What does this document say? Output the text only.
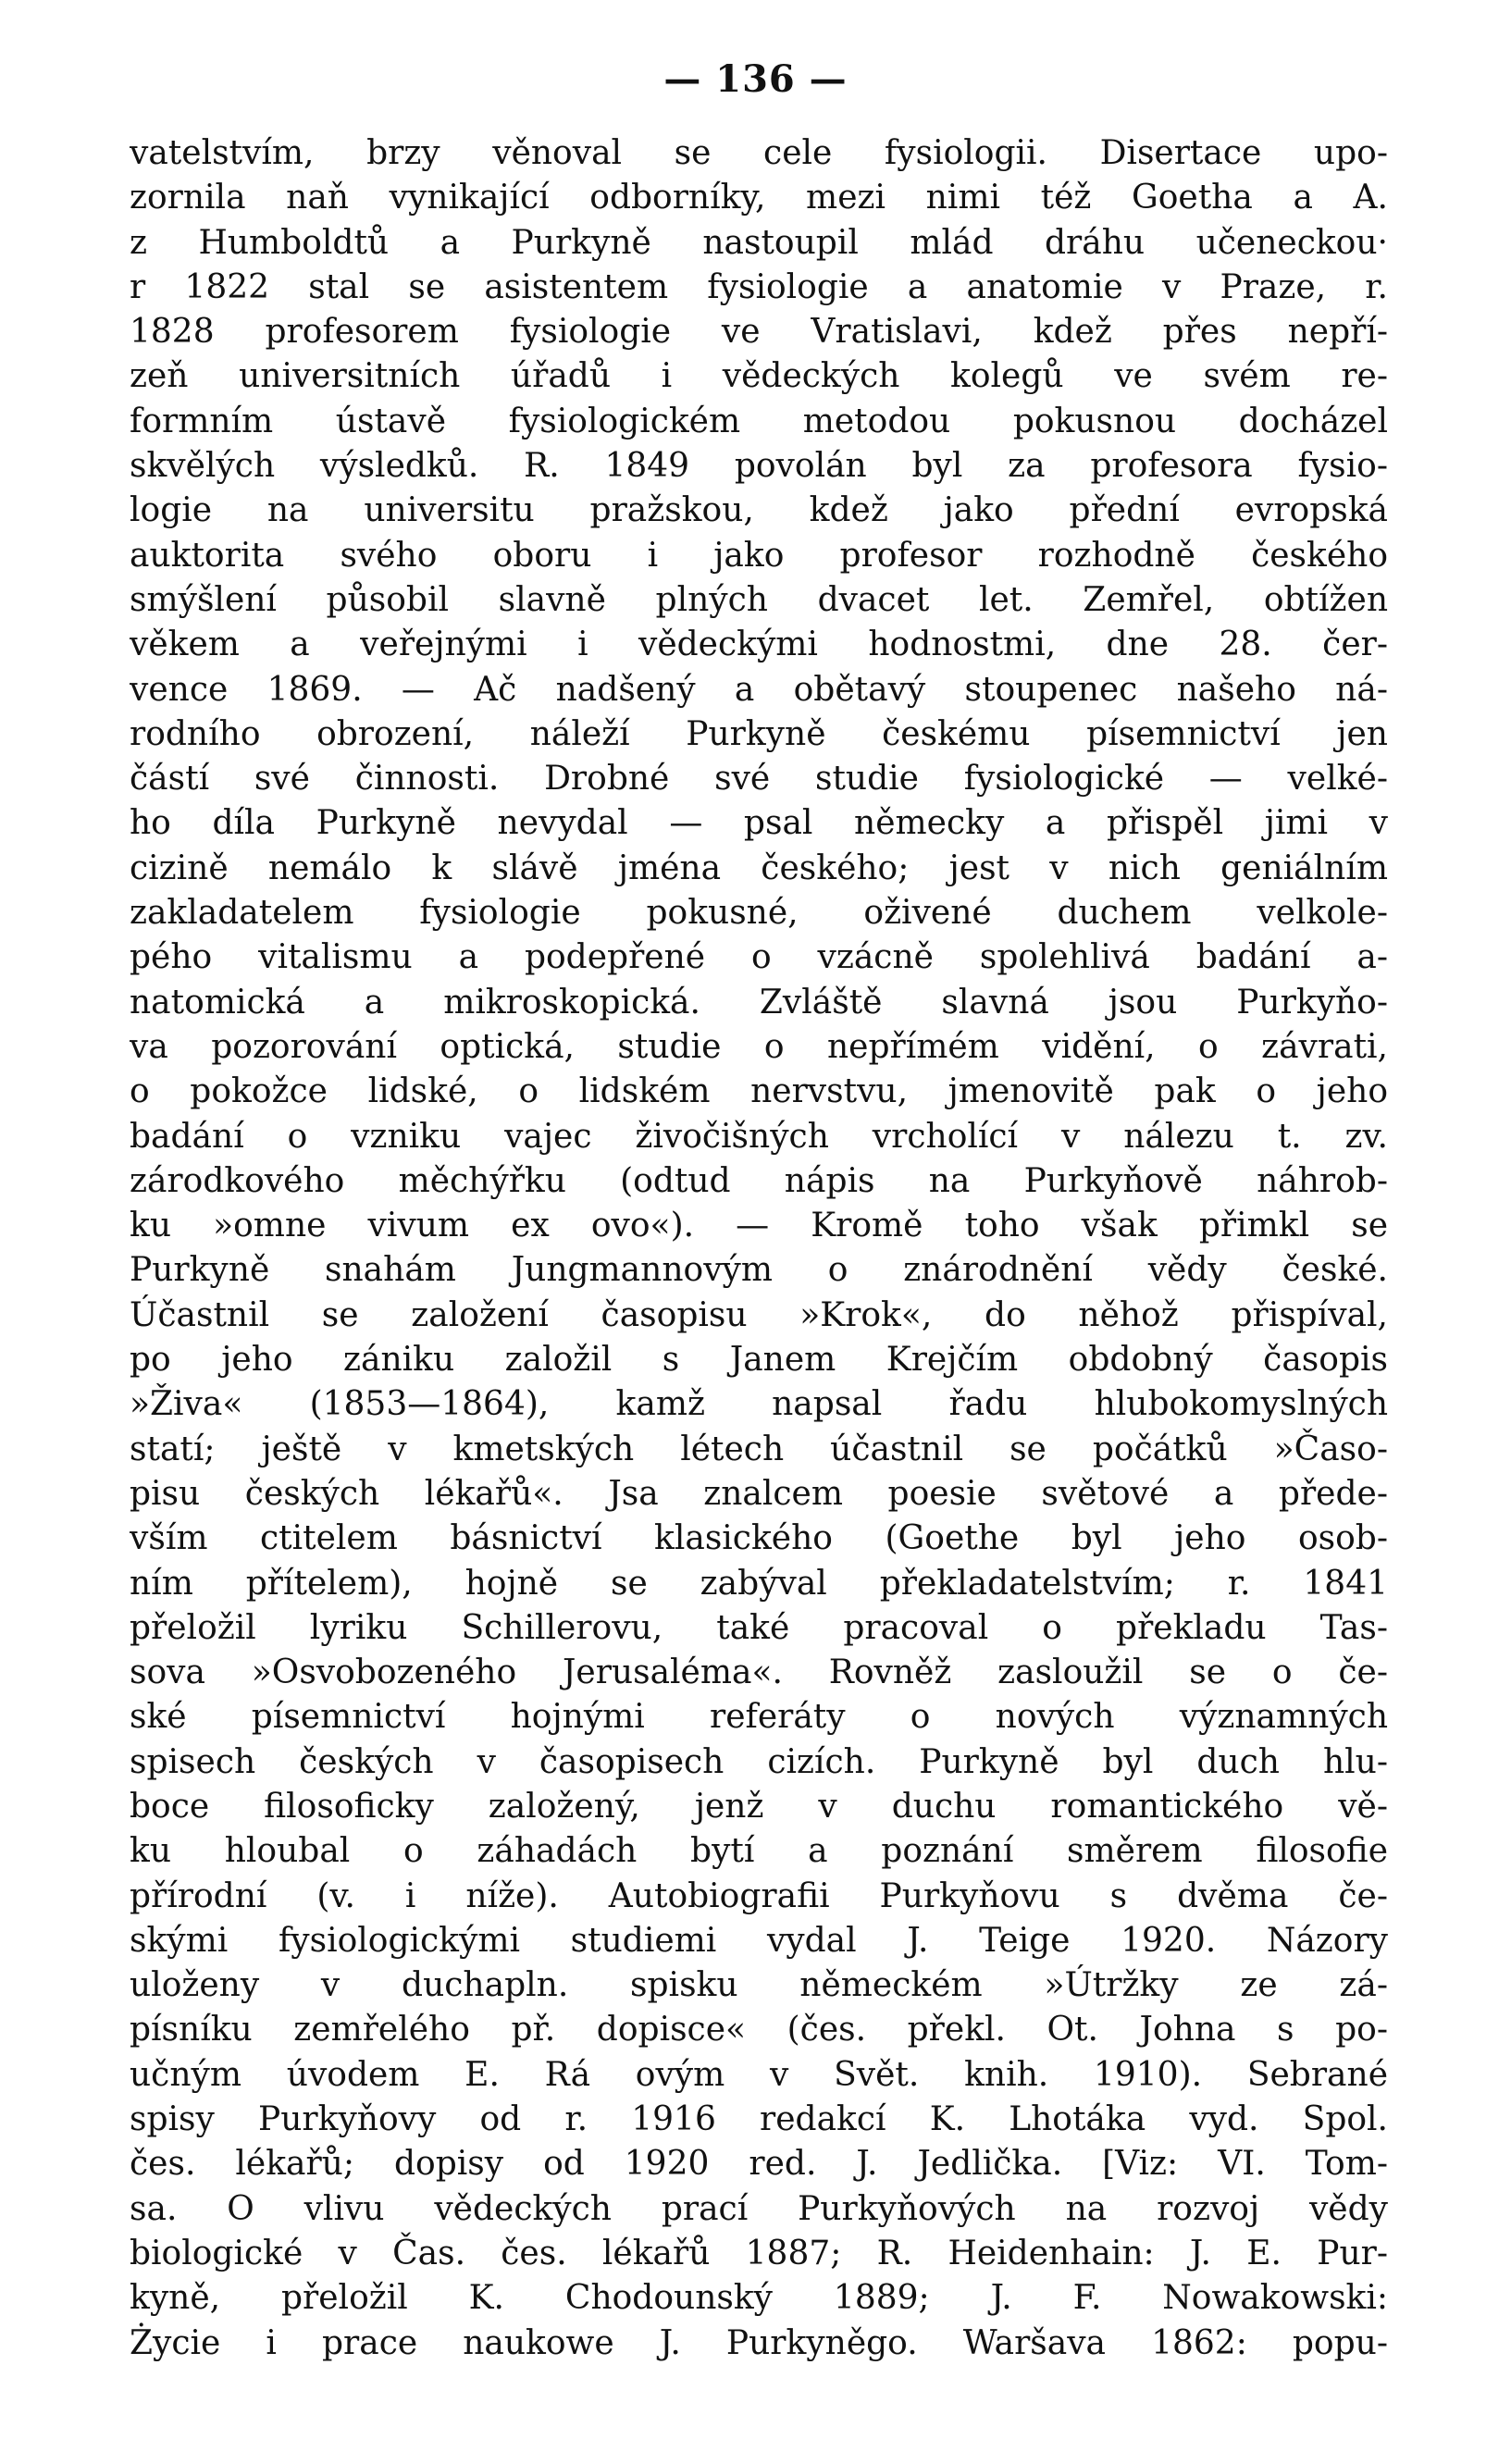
— 136 —
vatelstvím, brzy věnoval se cele fysiologii. Disertace upo-
zornila naň vynikající odborníky, mezi nimi též Goetha a A.
z Humboldtů a Purkyně nastoupil mlád dráhu učeneckou·
r 1822 stal se asistentem fysiologie a anatomie v Praze, r.
1828 profesorem fysiologie ve Vratislavi, kdež přes nepří-
zeň universitních úřadů i vědeckých kolegů ve svém re-
formním ústavě fysiologickém metodou pokusnou docházel
skvělých výsledků. R. 1849 povolán byl za profesora fysio-
logie na universitu pražskou, kdež jako přední evropská
auktorita svého oboru i jako profesor rozhodně českého
smýšlení působil slavně plných dvacet let. Zemřel, obtížen
věkem a veřejnými i vědeckými hodnostmi, dne 28. čer-
vence 1869. — Ač nadšený a obětavý stoupenec našeho ná-
rodního obrození, náleží Purkyně českému písemnictví jen
částí své činnosti. Drobné své studie fysiologické — velké-
ho díla Purkyně nevydal — psal německy a přispěl jimi v
cizině nemálo k slávě jména českého; jest v nich geniálním
zakladatelem fysiologie pokusné, oživené duchem velkole-
pého vitalismu a podepřené o vzácně spolehlivá badání a-
natomická a mikroskopická. Zvláště slavná jsou Purkyňo-
va pozorování optická, studie o nepřímém vidění, o závrati,
o pokožce lidské, o lidském nervstvu, jmenovitě pak o jeho
badání o vzniku vajec živočišných vrcholící v nálezu t. zv.
zárodkového měchýřku (odtud nápis na Purkyňově náhrob-
ku »omne vivum ex ovo«). — Kromě toho však přimkl se
Purkyně snahám Jungmannovým o znárodnění vědy české.
Účastnil se založení časopisu »Krok«, do něhož přispíval,
po jeho zániku založil s Janem Krejčím obdobný časopis
»Živa« (1853—1864), kamž napsal řadu hlubokomyslných
statí; ještě v kmetských létech účastnil se počátků »Časo-
pisu českých lékařů«. Jsa znalcem poesie světové a přede-
vším ctitelem básnictví klasického (Goethe byl jeho osob-
ním přítelem), hojně se zabýval překladatelstvím; r. 1841
přeložil lyriku Schillerovu, také pracoval o překladu Tas-
sova »Osvobozeného Jerusaléma«. Rovněž zasloužil se o če-
ské písemnictví hojnými referáty o nových významných
spisech českých v časopisech cizích. Purkyně byl duch hlu-
boce filosoficky založený, jenž v duchu romantického vě-
ku hloubal o záhadách bytí a poznání směrem filosofie
přírodní (v. i níže). Autobiografii Purkyňovu s dvěma če-
skými fysiologickými studiemi vydal J. Teige 1920. Názory
uloženy v duchapln. spisku německém »Útržky ze zá-
písníku zemřelého př. dopisce« (čes. překl. Ot. Johna s po-
učným úvodem E. Rá ovým v Svět. knih. 1910). Sebrané
spisy Purkyňovy od r. 1916 redakcí K. Lhotáka vyd. Spol.
čes. lékařů; dopisy od 1920 red. J. Jedlička. [Viz: VI. Tom-
sa. O vlivu vědeckých prací Purkyňových na rozvoj vědy
biologické v Čas. čes. lékařů 1887; R. Heidenhain: J. E. Pur-
kyně, přeložil K. Chodounský 1889; J. F. Nowakowski:
Życie i prace naukowe J. Purkyněgo. Waršava 1862: popu-
